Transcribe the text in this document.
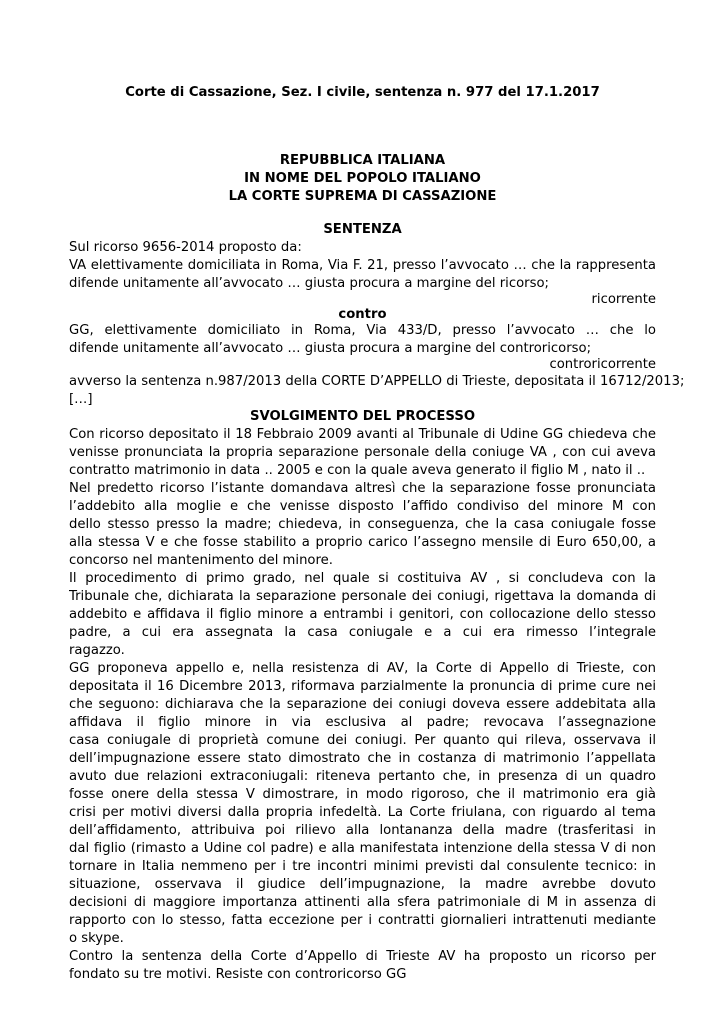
Corte di Cassazione, Sez. I civile, sentenza n. 977 del 17.1.2017
REPUBBLICA ITALIANA
IN NOME DEL POPOLO ITALIANO
LA CORTE SUPREMA DI CASSAZIONE
SENTENZA
Sul ricorso 9656-2014 proposto da:
VA elettivamente domiciliata in Roma, Via F. 21, presso l’avvocato … che la rappresenta
difende unitamente all’avvocato … giusta procura a margine del ricorso;
ricorrente
contro
GG, elettivamente domiciliato in Roma, Via 433/D, presso l’avvocato … che lo
difende unitamente all’avvocato … giusta procura a margine del controricorso;
controricorrente
avverso la sentenza n.987/2013 della CORTE D’APPELLO di Trieste, depositata il 16712/2013;
[…]
SVOLGIMENTO DEL PROCESSO
Con ricorso depositato il 18 Febbraio 2009 avanti al Tribunale di Udine GG chiedeva che
venisse pronunciata la propria separazione personale della coniuge VA , con cui aveva
contratto matrimonio in data .. 2005 e con la quale aveva generato il figlio M , nato il ..
Nel predetto ricorso l’istante domandava altresì che la separazione fosse pronunciata
l’addebito alla moglie e che venisse disposto l’affido condiviso del minore M con
dello stesso presso la madre; chiedeva, in conseguenza, che la casa coniugale fosse
alla stessa V e che fosse stabilito a proprio carico l’assegno mensile di Euro 650,00, a
concorso nel mantenimento del minore.
Il procedimento di primo grado, nel quale si costituiva AV , si concludeva con la
Tribunale che, dichiarata la separazione personale dei coniugi, rigettava la domanda di
addebito e affidava il figlio minore a entrambi i genitori, con collocazione dello stesso
padre, a cui era assegnata la casa coniugale e a cui era rimesso l’integrale
ragazzo.
GG proponeva appello e, nella resistenza di AV, la Corte di Appello di Trieste, con
depositata il 16 Dicembre 2013, riformava parzialmente la pronuncia di prime cure nei
che seguono: dichiarava che la separazione dei coniugi doveva essere addebitata alla
affidava il figlio minore in via esclusiva al padre; revocava l’assegnazione
casa coniugale di proprietà comune dei coniugi. Per quanto qui rileva, osservava il
dell’impugnazione essere stato dimostrato che in costanza di matrimonio l’appellata
avuto due relazioni extraconiugali: riteneva pertanto che, in presenza di un quadro
fosse onere della stessa V dimostrare, in modo rigoroso, che il matrimonio era già
crisi per motivi diversi dalla propria infedeltà. La Corte friulana, con riguardo al tema
dell’affidamento, attribuiva poi rilievo alla lontananza della madre (trasferitasi in
dal figlio (rimasto a Udine col padre) e alla manifestata intenzione della stessa V di non
tornare in Italia nemmeno per i tre incontri minimi previsti dal consulente tecnico: in
situazione, osservava il giudice dell’impugnazione, la madre avrebbe dovuto
decisioni di maggiore importanza attinenti alla sfera patrimoniale di M in assenza di
rapporto con lo stesso, fatta eccezione per i contratti giornalieri intrattenuti mediante
o skype.
Contro la sentenza della Corte d’Appello di Trieste AV ha proposto un ricorso per
fondato su tre motivi. Resiste con controricorso GG
